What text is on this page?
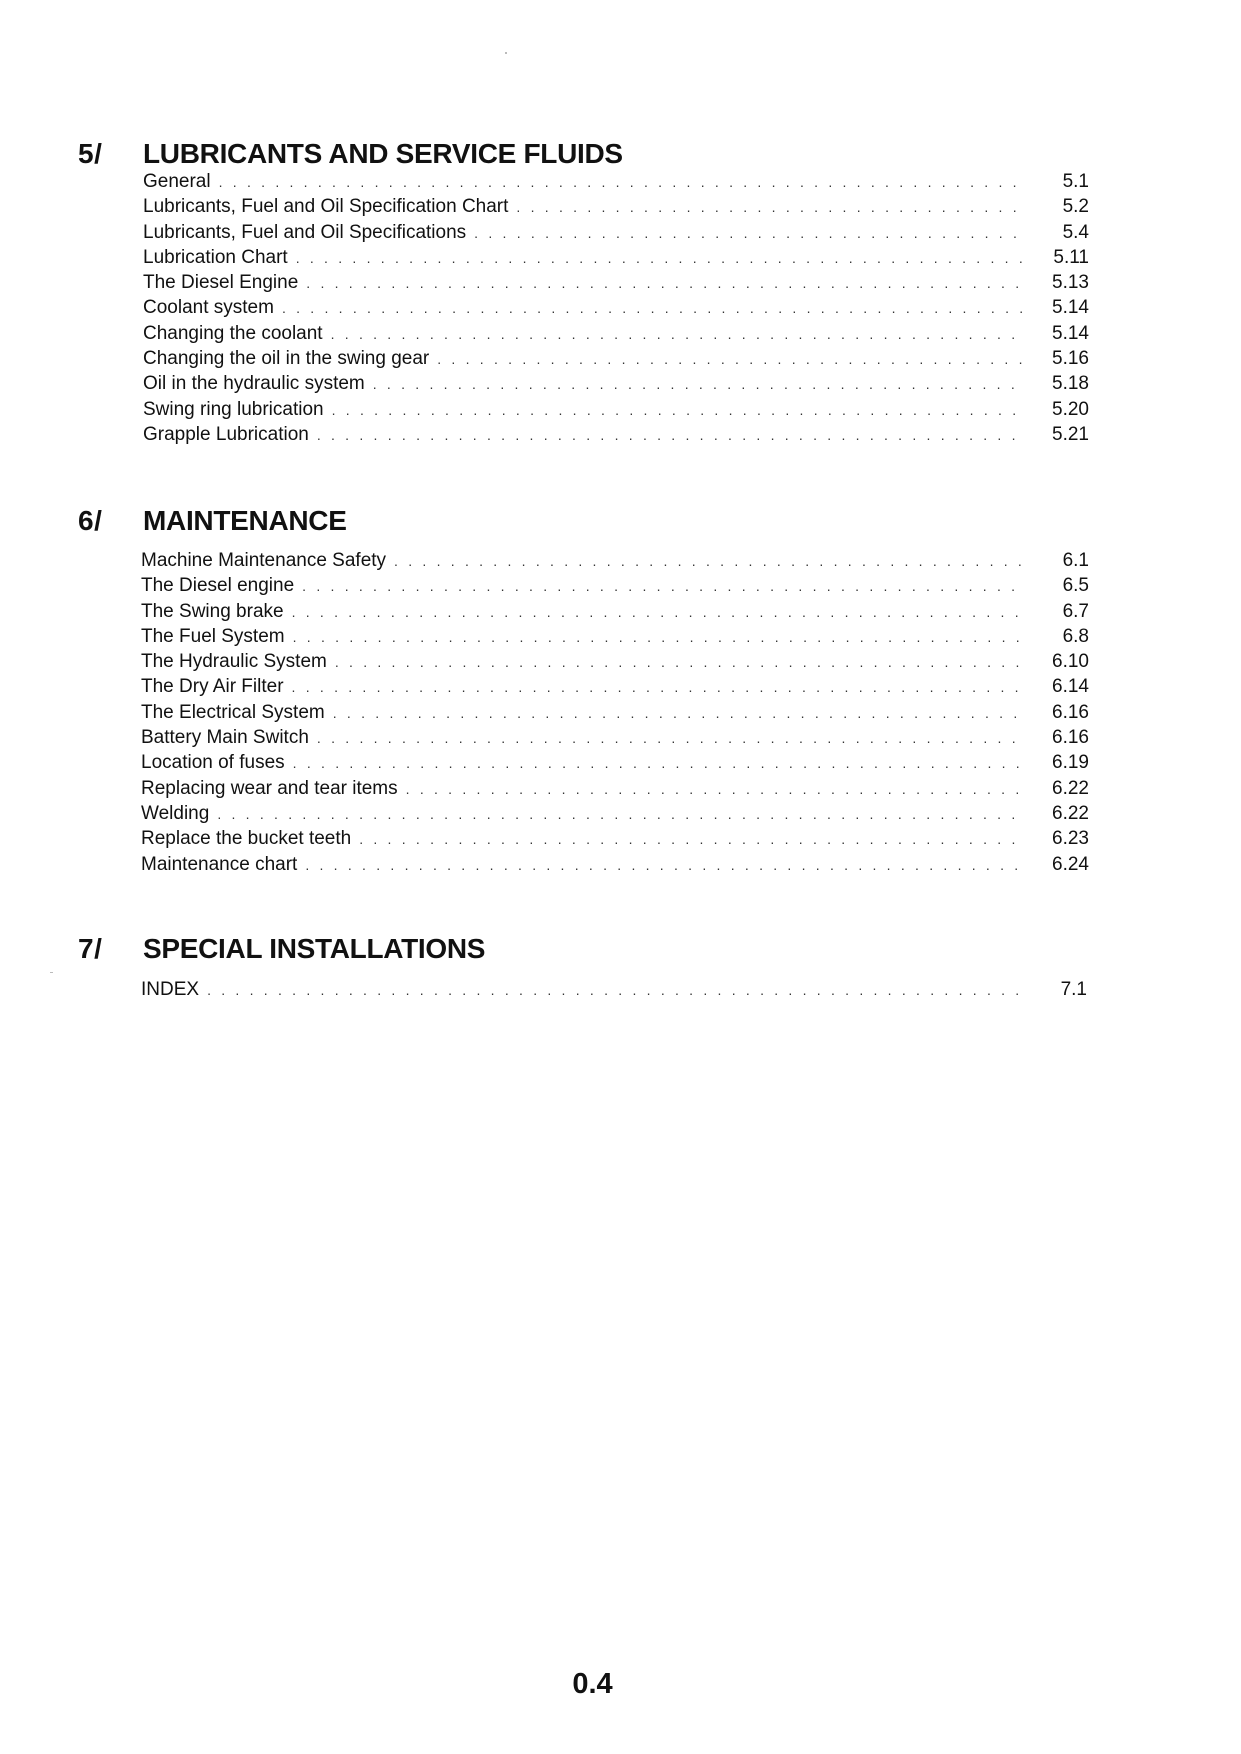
5/ LUBRICANTS AND SERVICE FLUIDS
General . . .	5.1
Lubricants, Fuel and Oil Specification Chart . . .	5.2
Lubricants, Fuel and Oil Specifications . . .	5.4
Lubrication Chart . . .	5.11
The Diesel Engine . . .	5.13
Coolant system . . .	5.14
Changing the coolant . . .	5.14
Changing the oil in the swing gear . . .	5.16
Oil in the hydraulic system . . .	5.18
Swing ring lubrication . . .	5.20
Grapple Lubrication . . .	5.21
6/ MAINTENANCE
Machine Maintenance Safety . . .	6.1
The Diesel engine . . .	6.5
The Swing brake . . .	6.7
The Fuel System . . .	6.8
The Hydraulic System . . .	6.10
The Dry Air Filter . . .	6.14
The Electrical System . . .	6.16
Battery Main Switch . . .	6.16
Location of fuses . . .	6.19
Replacing wear and tear items . . .	6.22
Welding . . .	6.22
Replace the bucket teeth . . .	6.23
Maintenance chart . . .	6.24
7/ SPECIAL INSTALLATIONS
INDEX . . .	7.1
0.4
